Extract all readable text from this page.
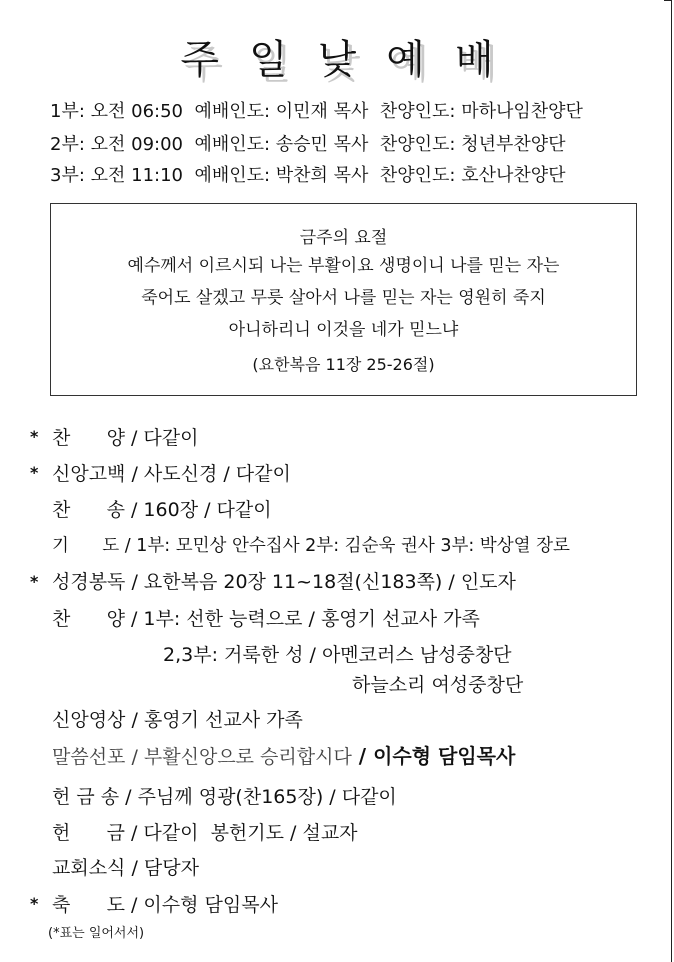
주일낮예배
1부: 오전 06:50  예배인도: 이민재 목사  찬양인도: 마하나임찬양단
2부: 오전 09:00  예배인도: 송승민 목사  찬양인도: 청년부찬양단
3부: 오전 11:10  예배인도: 박찬희 목사  찬양인도: 호산나찬양단
금주의 요절
예수께서 이르시되 나는 부활이요 생명이니 나를 믿는 자는
죽어도 살겠고 무릇 살아서 나를 믿는 자는 영원히 죽지
아니하리니 이것을 네가 믿느냐
(요한복음 11장 25-26절)
* 찬      양 / 다같이
* 신앙고백 / 사도신경 / 다같이
찬      송 / 160장 / 다같이
기      도 / 1부: 모민상 안수집사 2부: 김순욱 권사 3부: 박상열 장로
* 성경봉독 / 요한복음 20장 11~18절(신183쪽) / 인도자
찬      양 / 1부: 선한 능력으로 / 홍영기 선교사 가족
2,3부: 거룩한 성 / 아멘코러스 남성중창단
하늘소리 여성중창단
신앙영상 / 홍영기 선교사 가족
말씀선포 / 부활신앙으로 승리합시다 / 이수형 담임목사
헌 금 송 / 주님께 영광(찬165장) / 다같이
헌      금 / 다같이  봉헌기도 / 설교자
교회소식 / 담당자
* 축      도 / 이수형 담임목사
(*표는 일어서서)
